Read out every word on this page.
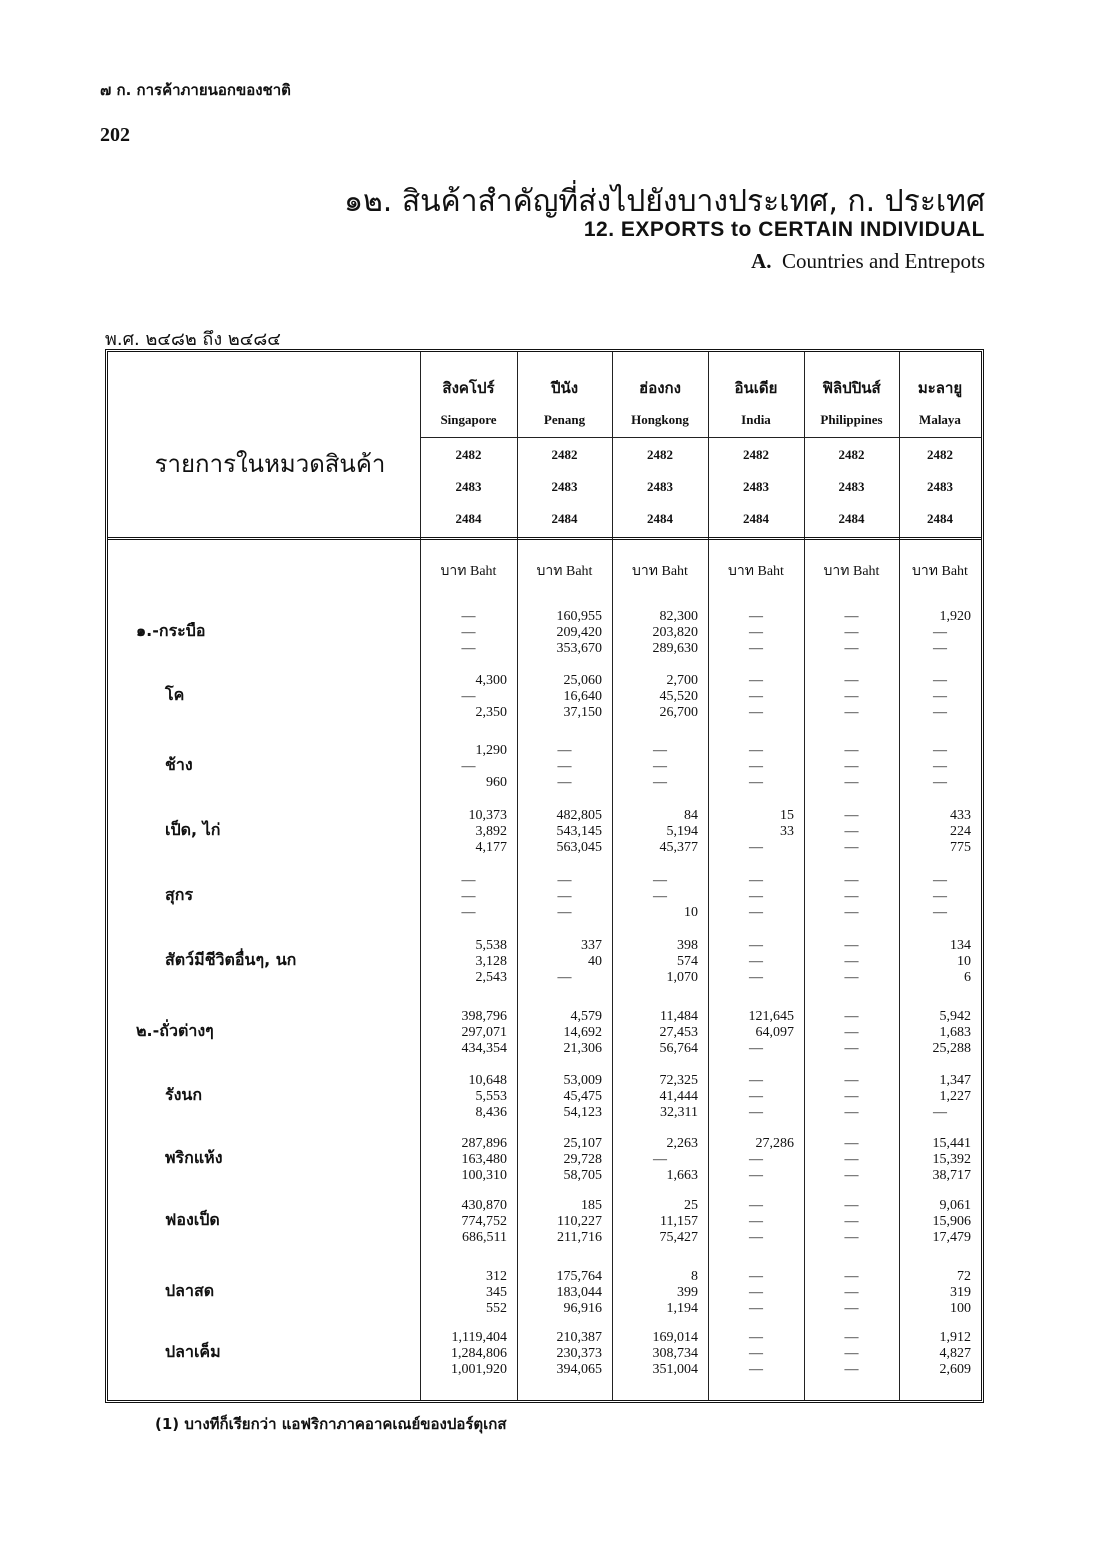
๗ ก. การค้าภายนอกของชาติ
202
๑๒. สินค้าสำคัญที่ส่งไปยังบางประเทศ, ก. ประเทศ
12. EXPORTS to CERTAIN INDIVIDUAL
A. Countries and Entrepots
พ.ศ. ๒๔๘๒ ถึง ๒๔๘๔
รายการในหมวดสินค้า
สิงคโปร์
Singapore
2482
2483
2484
บาท Baht
ปีนัง
Penang
2482
2483
2484
บาท Baht
ฮ่องกง
Hongkong
2482
2483
2484
บาท Baht
อินเดีย
India
2482
2483
2484
บาท Baht
ฟิลิปปินส์
Philippines
2482
2483
2484
บาท Baht
มะลายู
Malaya
2482
2483
2484
บาท Baht
๑.-กระบือ
—
—
—
160,955
209,420
353,670
82,300
203,820
289,630
—
—
—
—
—
—
1,920
—
—
โค
4,300
—
2,350
25,060
16,640
37,150
2,700
45,520
26,700
—
—
—
—
—
—
—
—
—
ช้าง
1,290
—
960
—
—
—
—
—
—
—
—
—
—
—
—
—
—
—
เป็ด, ไก่
10,373
3,892
4,177
482,805
543,145
563,045
84
5,194
45,377
15
33
—
—
—
—
433
224
775
สุกร
—
—
—
—
—
—
—
—
10
—
—
—
—
—
—
—
—
—
สัตว์มีชีวิตอื่นๆ, นก
5,538
3,128
2,543
337
40
—
398
574
1,070
—
—
—
—
—
—
134
10
6
๒.-ถั่วต่างๆ
398,796
297,071
434,354
4,579
14,692
21,306
11,484
27,453
56,764
121,645
64,097
—
—
—
—
5,942
1,683
25,288
รังนก
10,648
5,553
8,436
53,009
45,475
54,123
72,325
41,444
32,311
—
—
—
—
—
—
1,347
1,227
—
พริกแห้ง
287,896
163,480
100,310
25,107
29,728
58,705
2,263
—
1,663
27,286
—
—
—
—
—
15,441
15,392
38,717
ฟองเป็ด
430,870
774,752
686,511
185
110,227
211,716
25
11,157
75,427
—
—
—
—
—
—
9,061
15,906
17,479
ปลาสด
312
345
552
175,764
183,044
96,916
8
399
1,194
—
—
—
—
—
—
72
319
100
ปลาเค็ม
1,119,404
1,284,806
1,001,920
210,387
230,373
394,065
169,014
308,734
351,004
—
—
—
—
—
—
1,912
4,827
2,609
(1) บางทีก็เรียกว่า แอฟริกาภาคอาคเณย์ของปอร์ตุเกส
